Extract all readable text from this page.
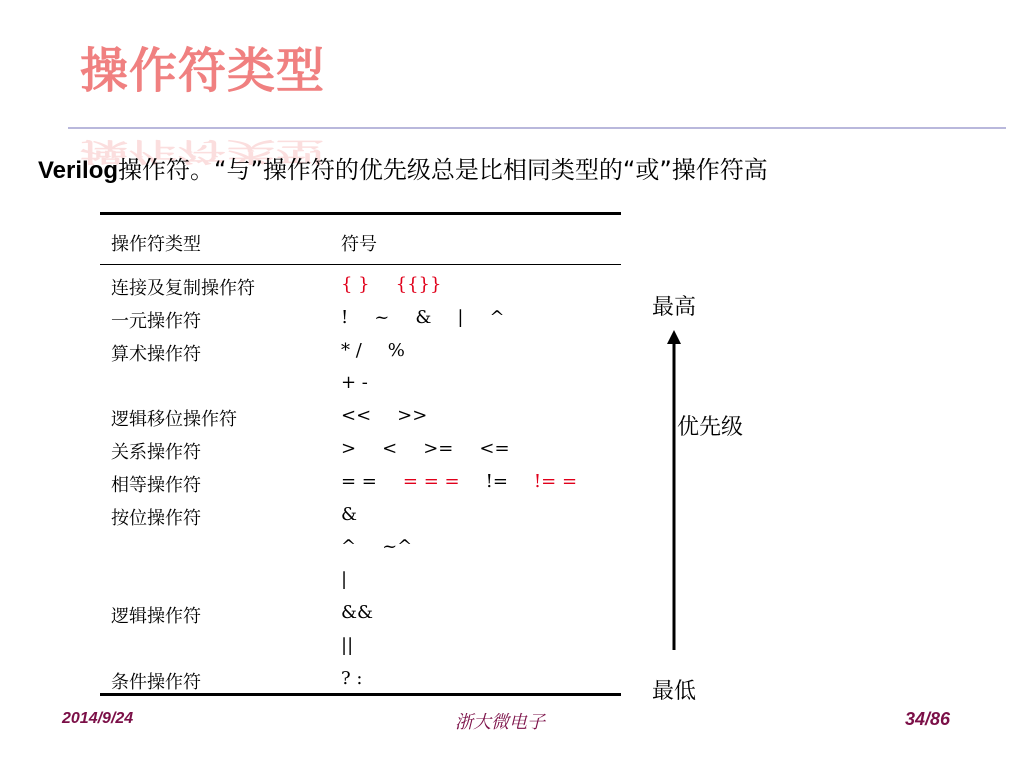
操作符类型
操作符类型
Verilog操作符。“与”操作符的优先级总是比相同类型的“或”操作符高
操作符类型	符号
连接及复制操作符	{ } {{}}
一元操作符	! ~ & | ^
算术操作符	* / %
+ -
逻辑移位操作符	<< >>
关系操作符	> < >= <=
相等操作符	= = = = = != != =
按位操作符	&
^ ~^
|
逻辑操作符	&&
||
条件操作符	? :
最高
优先级
最低
2014/9/24	浙大微电子	34/86
